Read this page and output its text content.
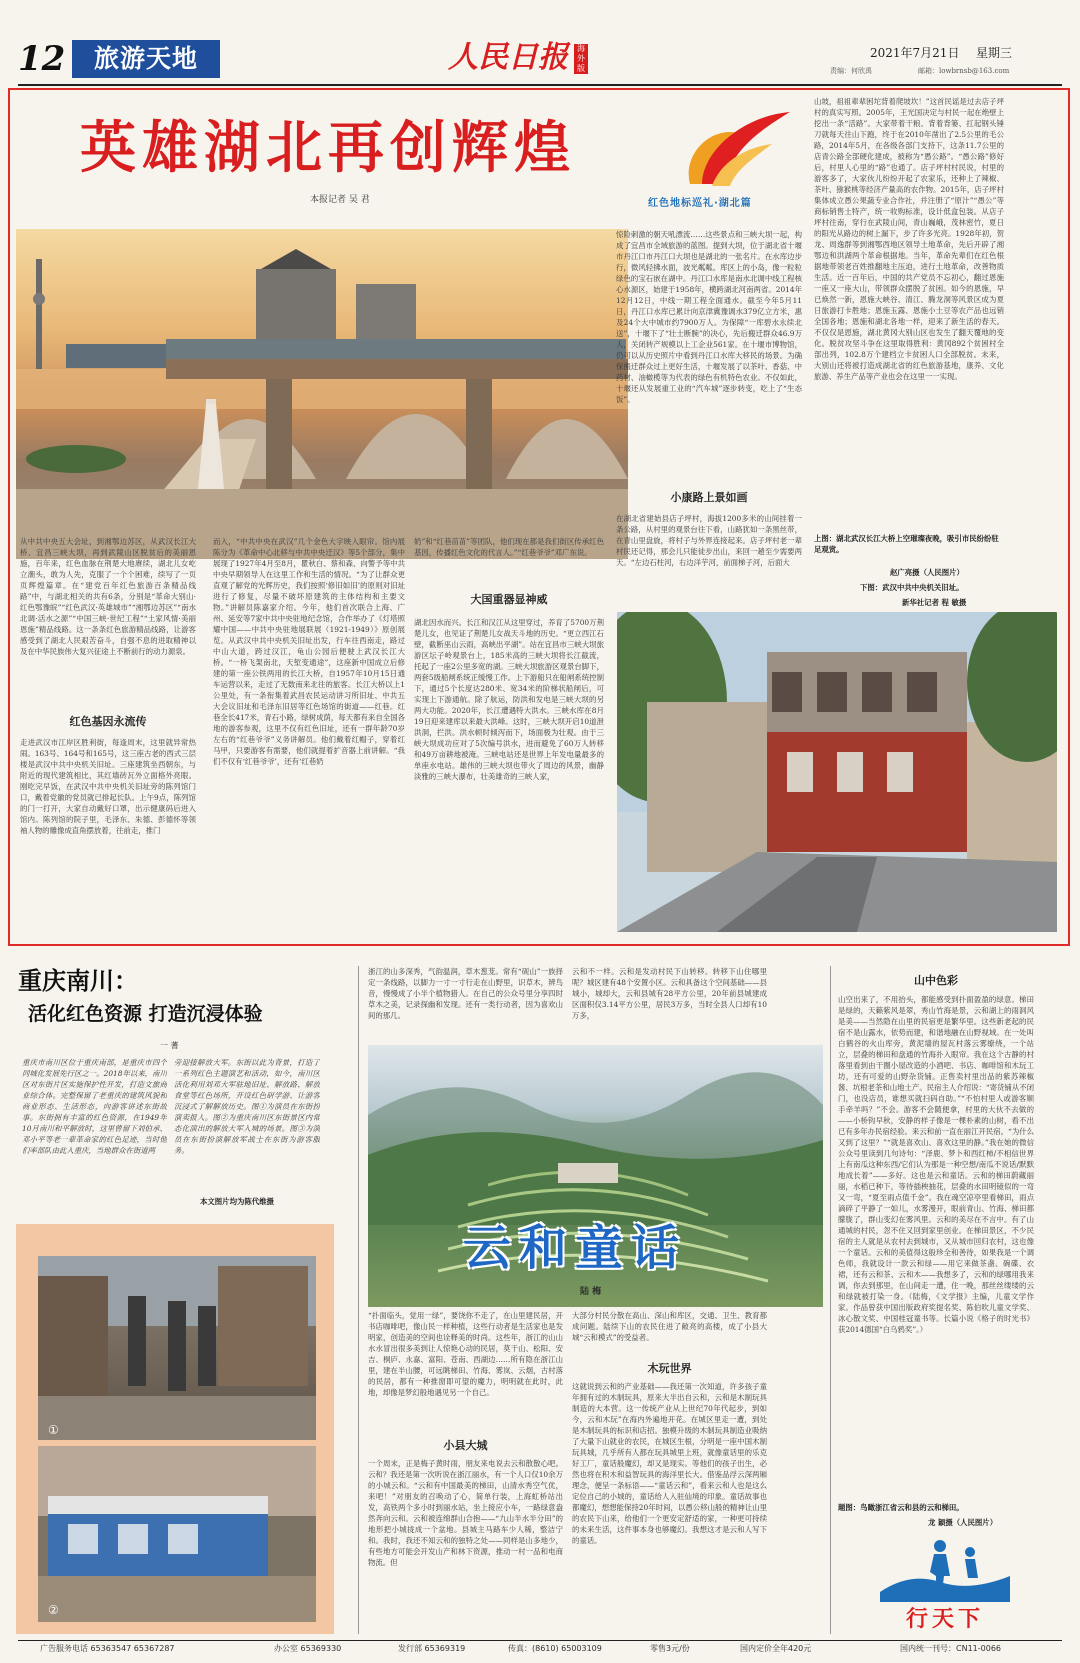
12	旅游天地	人民日报	海外版
2021年7月21日 星期三
责编：何欣禹	邮箱：lowbrnsb@163.com
英雄湖北再创辉煌
本报记者 吴 君	红色地标巡礼·湖北篇
从中共中央五大会址，到湘鄂边苏区，从武汉长江大桥、宜昌三峡大坝，再到武陵山区脱贫后的美丽恩施，百年来，红色血脉在荆楚大地赓续，湖北儿女屹立潮头，敢为人先，克服了一个个困难，续写了一页页辉煌篇章。在“建党百年红色旅游百条精品线路”中，与湖北相关的共有6条，分别是“革命大别山·红色鄂豫皖”“红色武汉·英雄城市”“湘鄂边苏区”“南水北调·活水之源”“中国三峡·世纪工程”“土家风情·美丽恩施”精品线路。这一条条红色旅游精品线路，让游客感受到了湖北人民艰苦奋斗，自强不息的进取精神以及在中华民族伟大复兴征途上不断前行的动力源泉。
红色基因永流传
走进武汉市江岸区胜利街，每逢周末，这里就异常热闹。163号、164号和165号，这三座古老的西式三层楼是武汉中共中央机关旧址。三座建筑坐西朝东，与附近的现代建筑相比，其红墙砖瓦外立面格外亮眼。刚吃完早饭，在武汉中共中央机关旧址旁的陈列馆门口，戴着党徽的党员就已排起长队。上午9点，陈列馆的门一打开，大家自动戴好口罩，出示健康码后进入馆内。陈列馆的院子里，毛泽东、朱德、彭德怀等领袖人物的雕像成直角摆放着，往前走，推门
而入，“中共中央在武汉”几个金色大字映入眼帘。馆内展陈分为《革命中心北移与中共中央迁汉》等5个部分，集中展现了1927年4月至8月，瞿秋白、蔡和森、向警予等中共中央早期领导人在这里工作和生活的情况。“为了让群众更直观了解党的光辉历史，我们按照‘修旧如旧’的原则对旧址进行了修复，尽量不破坏原建筑的主体结构和主要文物。”讲解员陈嘉家介绍。今年，他们首次联合上海、广州、延安等7家中共中央驻地纪念馆，合作举办了《灯塔照耀中国——中共中央驻地展联展（1921-1949）》原创展览。从武汉中共中央机关旧址出发，行车往西南走，路过中山大道，跨过汉江，龟山公园后便驶上武汉长江大桥。“一桥飞架南北，天堑变通途”，这座新中国成立后修建的第一座公铁两用的长江大桥，自1957年10月15日通车运营以来，走过了无数南来北往的旅客。长江大桥以上1公里处，有一条衔集着武昌农民运动讲习所旧址、中共五大会议旧址和毛泽东旧居等红色场馆的街道——红巷。红巷全长417米，青石小路，绿树成荫，每天都有来自全国各地的游客参观，这里不仅有红色旧址，还有一群年龄70岁左右的“红巷爷爷”义务讲解员。他们戴着红帽子，穿着红马甲，只要游客有需要，他们就提着扩音器上前讲解。“我们不仅有‘红巷爷爷’，还有‘红巷奶
奶”和“红巷苗苗”等团队，他们现在都是我们街区传承红色基因，传播红色文化的代言人。”“红巷爷爷”邓广东说。
大国重器显神威
湖北因水而兴。长江和汉江从这里穿过，养育了5700万荆楚儿女，也见证了荆楚儿女战天斗地的历史。“更立西江石壁，截断巫山云雨，高峡出平湖”。站在宜昌市三峡大坝旅游区坛子岭观景台上，185米高的三峡大坝将长江截流，托起了一座2公里多宽的湖。三峡大坝旅游区观景台脚下，两套5级船闸系统正缓慢工作。上下游船只在船闸系统控制下，通过5个长度达280米、宽34米的阶梯状船闸后，可实现上下游通航。除了航运，防洪和发电是三峡大坝的另两大功能。2020年，长江遭遇特大洪水。三峡水库在8月19日迎来建库以来最大洪峰。这时，三峡大坝开启10道泄洪洞，拦洪。洪水顿时倾泻而下，场面极为壮观。由于三峡大坝成功应对了5次编号洪水，进而避免了60万人转移和49万亩耕地被淹。三峡电站还是世界上年发电量最多的单座水电站。雄伟的三峡大坝也带火了周边的风景，幽静淡雅的三峡大瀑布，壮美雄奇的三峡人家，
惊险刺激的朝天吼漂流……这些景点和三峡大坝一起，构成了宜昌市全域旅游的蓝图。提到大坝，位于湖北省十堰市丹江口市丹江口大坝也是湖北的一张名片。在水库边步行，微风轻拂水面，波光粼粼。库区上的小岛，像一粒粒绿色的宝石嵌在湖中。丹江口水库是南水北调中线工程核心水源区，始建于1958年，横跨湖北河南两省。2014年12月12日，中线一期工程全面通水。截至今年5月11日，丹江口水库已累计向京津冀豫调水379亿立方米，惠及24个大中城市约7900万人。为保障“一库碧水永续北送”，十堰下了“壮士断腕”的决心，先后搬迁群众46.9万人，关闭转产规模以上工企业561家。在十堰市博物馆，仍可以从历史照片中看到丹江口水库大移民的场景。为确保搬迁群众过上更好生活，十堰发展了以茶叶、香菇、中药材、油橄榄等为代表的绿色有机特色农业。不仅如此，十堰还从发展重工业的“汽车城”逐步转变，吃上了“生态饭”。
小康路上景如画
在湖北省建始县店子坪村，海拔1200多米的山间挂着一条公路，从村里的观景台往下看，山路犹如一条黑丝带，在青山里盘旋，将村子与外界连接起来。店子坪村老一辈村民还记得，那会儿只能徒步出山，来回一趟至少需要两天。“左边石柱河，右边洋芋河，前面梯子河，后面大
山坡，祖祖辈辈困坨背着爬坡坎！”这首民谣是过去店子坪村的真实写照。2005年，王光国决定与村民一起在绝壁上挖出一条“活路”。大家带着干粮、背着背篓、扛起钢头锤刀就每天往山下跑，终于在2010年凿出了2.5公里的毛公路，2014年5月，在各级各部门支持下，这条11.7公里的店青公路全部硬化建成，被称为“愚公路”。“愚公路”修好后，村里人心里的“路”也通了。店子坪村村民说，村里的游客多了，大家伙儿纷纷开起了农家乐，还种上了辣椒、茶叶、猕猴桃等经济产量高的农作物。2015年，店子坪村集体成立愚公果蔬专业合作社，并注册了“原汁”“愚公”等商标销售土特产，统一收购标准，设计低盒包装。从店子坪村往南，穿行在武陵山间，青山巍峨，茂林密竹，夏日的阳光从路边的树上漏下，步了许多光亮。1928年初，贺龙、周逸群等到湘鄂西地区领导土地革命，先后开辟了湘鄂边和洪湖两个革命根据地。当年，革命先辈们在红色根据地带领老百姓推翻地主压迫，进行土地革命，改善物质生活。近一百年后，中国的共产党员不忘初心，翻过恩施一座又一座大山，带领群众摆脱了贫困。如今的恩施，早已焕然一新，恩施大峡谷、清江、腾龙洞等风景区成为夏日旅游打卡胜地；恩施玉露、恩施小土豆等农产品也远销全国各地；恩施和湖北各地一样，迎来了新生活的春天。不仅仅是恩施，湖北黄冈大别山区也发生了翻天覆地的变化。脱贫攻坚斗争在这里取得胜利：黄冈892个贫困村全部出列，102.8万个建档立卡贫困人口全部脱贫。未来，大别山还将被打造成湖北省的红色旅游基地，康养、文化旅游、养生产品等产业也会在这里一一实现。
上图：湖北武汉长江大桥上空璀璨夜晚，吸引市民纷纷驻足观赏。
赵广亮摄（人民图片）
下图：武汉中共中央机关旧址。
新华社记者 程 敏摄
重庆南川：
活化红色资源 打造沉浸体验
一 蓍
重庆市南川区位于重庆南部，是重庆市四个同城化发展先行区之一。2018年以来，南川区对东街片区实施保护性开发，打造文旅商业综合体。完整保留了老重庆的建筑风貌和商业形态、生活形态，向游客讲述东街故事。东街拥有丰富的红色资源，在1949年10月南川和平解放时，这里曾留下刘伯承、邓小平等老一辈革命家的红色足迹，当时他们率部队由此入重庆，当地群众在街道两
旁迎接解放大军。东街以此为背景，打造了一系列红色主题演艺和活动，如今，南川区活化利用刘邓大军驻地旧址、解放路、解放食堂等红色场所，开设红色研学游、让游客沉浸式了解解放历史。图①为演员在东街扮演卖报人。图②为重庆南川区东街景区内常态化演出的解放大军入城的场景。图③为演员在东街扮演解放军战士在东街为游客服务。
本文图片均为陈代维摄
①
②
浙江的山多深秀，气韵温润，草木葱茏。常有“砚山”一族择定一条线路，以脚力一寸一寸行走在山野里，识草木，辨鸟音，慢慢成了小半个植物猎人。在自己的公众号里分享四时草木之美，记录探幽和发现。还有一类行动者，因为喜欢山间的那几。
云和不一样。云和是发动村民下山转移。转移下山住哪里呢？城区建有48个安置小区。云和具备这个空间基础——县城小，城却大，云和县城有28平方公里，20年前县城建成区面积仅3.14平方公里，居民3万多，当时全县人口却有10万多，
云和童话
陆 梅
“扑面临头，觉用一绿”，要饶你不走了，在山里建民居，开书店咖啡吧，像山民一样种植，这些行动者是生活家也是发明家，创造美的空间也诠释美的时尚。这些年，浙江的山山水水冒出很多美到让人惊艳心动的民居，莫干山、松阳、安吉、桐庐、永嘉、富阳、苍南、西湖边……所有隐在浙江山里，建在半山腰，可远眺梯田、竹海、雾岚、云烟，古村落的民居，都有一种推窗即可望的魔力，明明就在此时，此地，却像是梦幻般地遇见另一个自己。
小县大城
一个周末，正是梅子黄时雨，朋友来电说去云和散散心吧。云和？我还是第一次听说在浙江丽水，有一个人口仅10余万的小城云和。“云和有中国最美的梯田，山清水秀空气优，来吧！”对朋友的召唤动了心，简单行装，上海虹桥站出发，高铁两个多小时到丽水站，坐上接应小车，一路绿意盎然奔向云和。云和被连绵群山合抱——“九山半水半分田”的地形把小城拢成一个盆地。县城主马路车少人稀，整洁宁和。我时，我还不知云和的独特之处——同样是山多地少，有些地方可能会开发山产和林下资源，推动一村一品和电商物流。但
大部分村民分散在高山、深山和库区，交通、卫生、教育都成问题。陆续下山的农民住进了敞亮的高楼，成了小县大城“云和模式”的受益者。
木玩世界
这就说到云和的产业基础——我还第一次知道，许多孩子童年拥有过的木制玩具，原来大半出自云和，云和是木制玩具制造的大本营。这一传统产业从上世纪70年代起步，到如今，云和木玩”在海内外遍地开花。在城区里走一遭，到处是木制玩具的标识和店招。独模升级的木制玩具制造业吸纳了大量下山就业的农民，在城区生根，分明是一座中国木制玩具城，几乎所有人都在玩具城里上班，就像童话里的乐克好工厂，童话般魔幻，却又是现实。等他们的孩子出生，必然也将在积木和益智玩具的海洋里长大。借鉴品浮云深两厢理念，便呈一条标语——“童话云和”，看来云和人也是这么定位自己的小城的，童话给人入驻仙境的印象。童话故事也都魔幻，想想能保持20年时间，以愚公移山般的精神让山里的农民下山来，给他们一个更安定舒适的家，一种更可持续的未来生活，这件事本身也够魔幻。我想这才是云和人写下的童话。
山中色彩
山空出来了，不用抬头，都能感受到扑面盈盈的绿意。梯田是绿的，天籁紫风是翠，秀山竹海是景，云和湖上的雨洞风是美——当然隐在山里的民宿更是繁华里。这些新老起的民宿不是山露水，依势而建，和谐地融在山野视域。在一处叫白鹤谷的火山库旁，黄泥墙的屋瓦村落云雾缭绕，一个站立，层叠的梯田和盘通的竹海扑入眼帘。我在这个古静的村落里看到由干圈小屋改造的小酒吧、书店、咖啡馆和木玩工坊，还有可爱的山野杂货铺。正售卖村里出品的紫苏辣椒酱、坑根老茶和山地土产。民宿主人介绍说：“寄货铺从不闭门，也没店员，谁想买就扫码自助。”“不怕村里人或游客顺手牵羊吗？”不会。游客不会随便拿，村里的大伙不去做的——小桥钩早秋，安静的样子像是一棵朴素的山树，看不出已有多年办民宿经验。来云和前一直在丽江开民宿。“为什么又到了这里？”“就是喜欢山、喜欢这里的静。”我在她的微信公众号里读到几句诗句：“泽鹿、梦卜和西红柿/不相信世界上有南瓜这种东西/它们认为那是一种空想/南瓜不说话/默默地成长着”——多好。这也是云和童话。云和的梯田蔚藏丽丽，水稻已种下，等待插秧抽花，层叠的水田明镜似的一弯又一弯，“夏至雨点值千金”。我在魂空凉亭里看梯田，雨点滴碎了平静了一如儿，水雾漫开，眼前青山、竹海、梯田都朦胧了，群山变幻在雾风里。云和的美尽在不言中。有了山通城的村民，忽不住又回到家里创业。在梯田景区，不少民宿的主人就是从农村去到城市，又从城市回归农村，这也像一个童话。云和的美值得这般珍全和善待，如果我是一个调色师，我就设计一款云和绿——用它来做茶盏、碗碟、衣裙，还有云和茶、云和木——我想多了，云和的绿哪用我来调，你去到那里，在山间走一遭，住一晚，那丝丝缕缕的云和绿就被打染一身。（陆梅，《文学报》主编，儿童文学作家。作品曾获中国出版政府奖提名奖、陈伯吹儿童文学奖、冰心散文奖、中国桂冠童书等。长篇小说《格子的时光书》获2014德国“白乌鸦奖”。）
题图：鸟瞰浙江省云和县的云和梯田。
龙 颖摄（人民图片）
行天下
广告服务电话 65363547 65367287	办公室 65369330	发行部 65369319	传真：(8610) 65003109	零售3元/份	国内定价全年420元	国内统一刊号：CN11-0066
